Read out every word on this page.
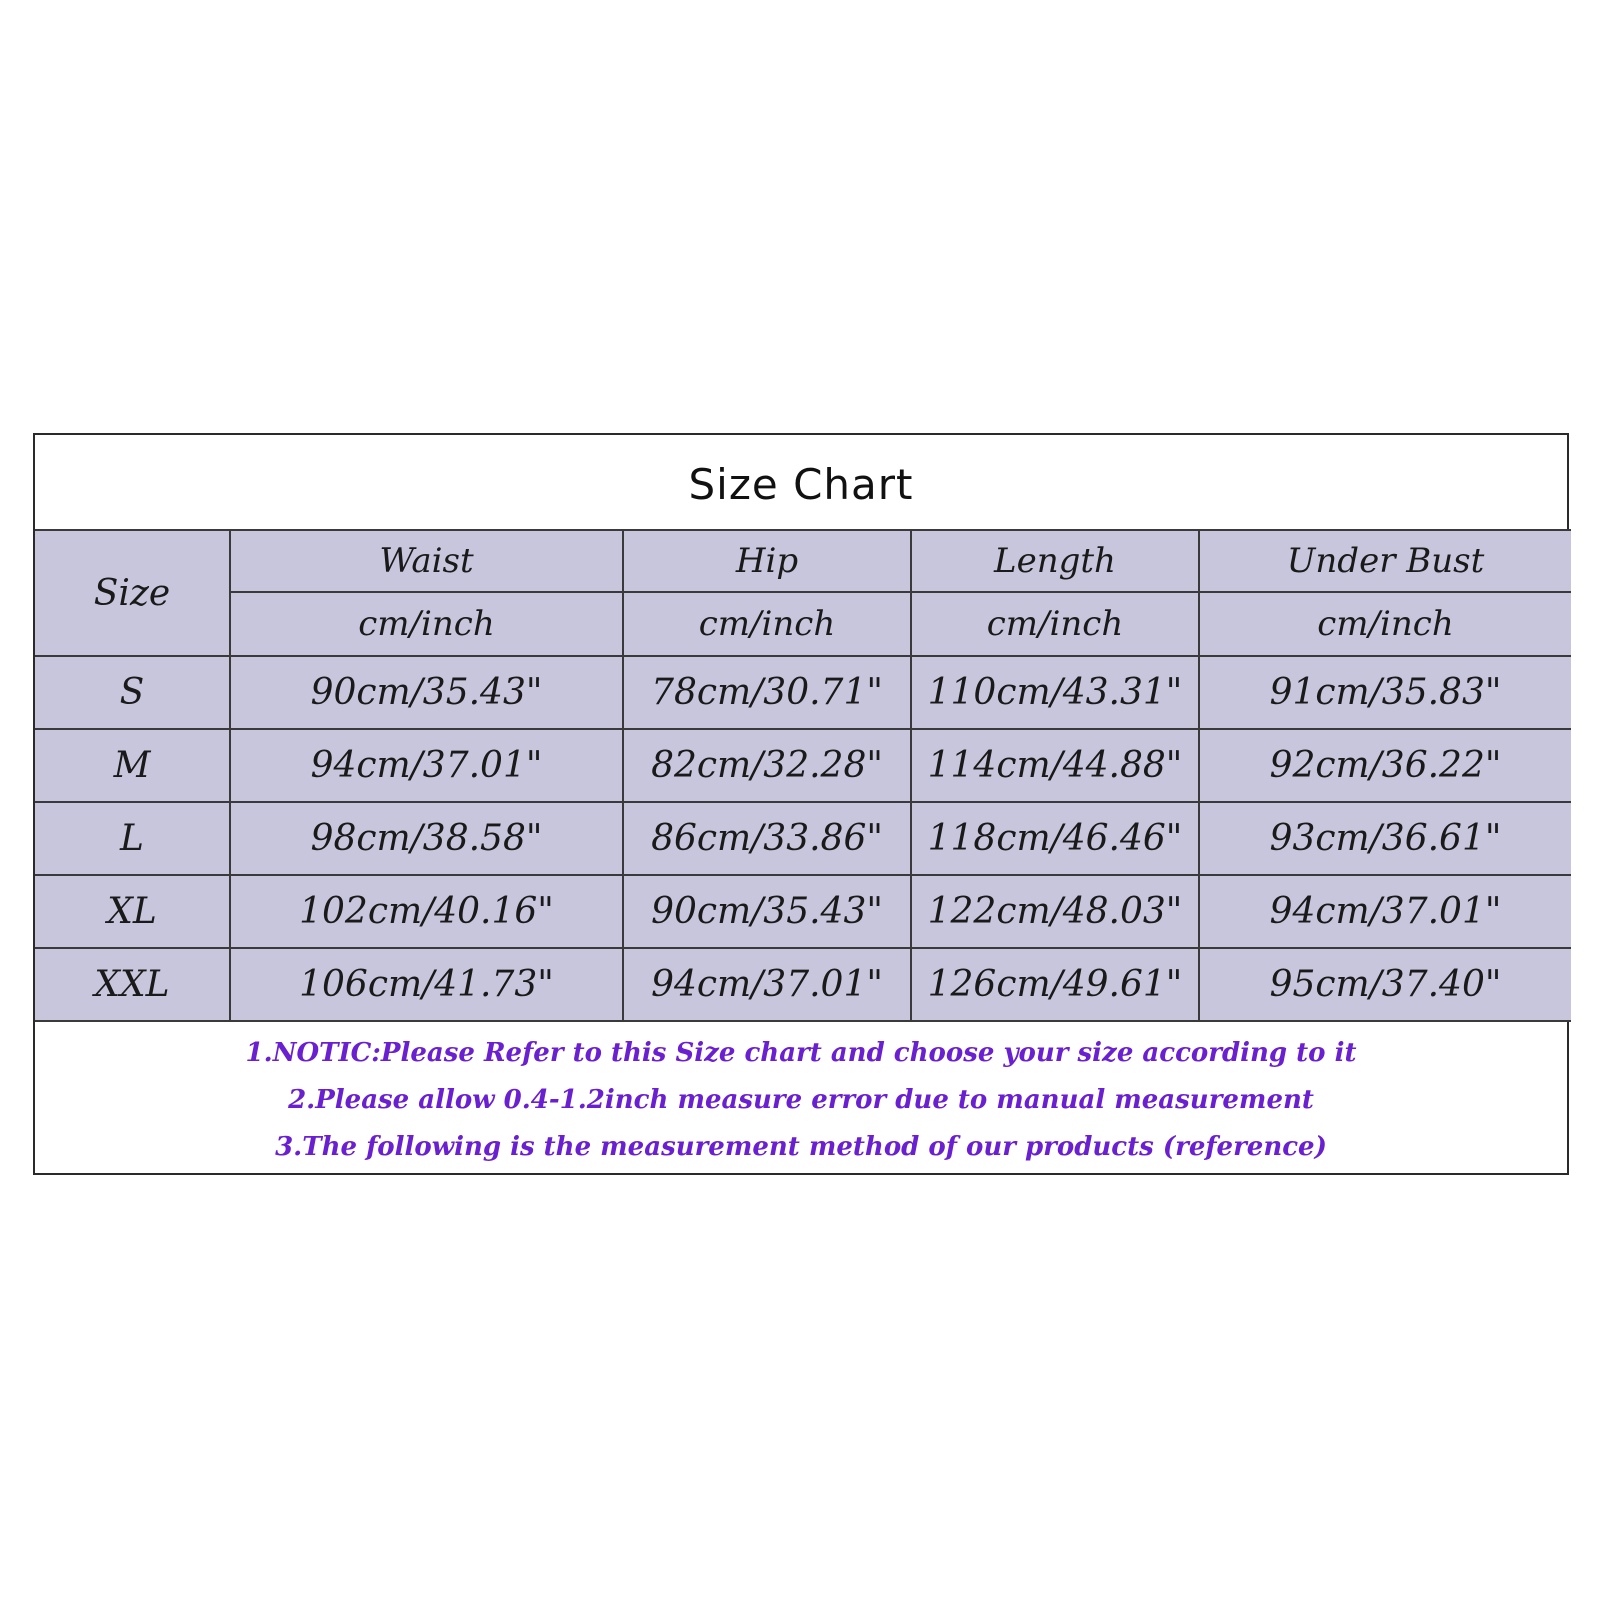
Size Chart
Size	Waist	Hip	Length	Under Bust
	cm/inch	cm/inch	cm/inch	cm/inch
S	90cm/35.43"	78cm/30.71"	110cm/43.31"	91cm/35.83"
M	94cm/37.01"	82cm/32.28"	114cm/44.88"	92cm/36.22"
L	98cm/38.58"	86cm/33.86"	118cm/46.46"	93cm/36.61"
XL	102cm/40.16"	90cm/35.43"	122cm/48.03"	94cm/37.01"
XXL	106cm/41.73"	94cm/37.01"	126cm/49.61"	95cm/37.40"
1.NOTIC:Please Refer to this Size chart and choose your size according to it
2.Please allow 0.4-1.2inch measure error due to manual measurement
3.The following is the measurement method of our products (reference)
